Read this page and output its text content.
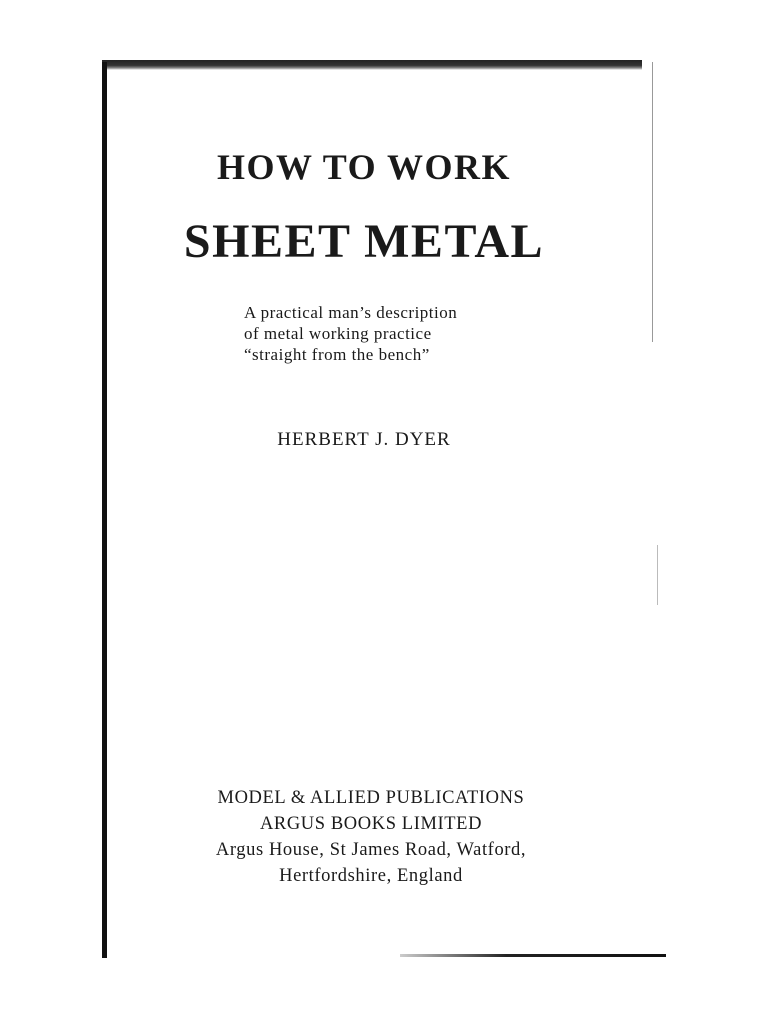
HOW TO WORK
SHEET METAL
A practical man’s description
of metal working practice
“straight from the bench”
HERBERT J. DYER
MODEL & ALLIED PUBLICATIONS
ARGUS BOOKS LIMITED
Argus House, St James Road, Watford,
Hertfordshire, England
